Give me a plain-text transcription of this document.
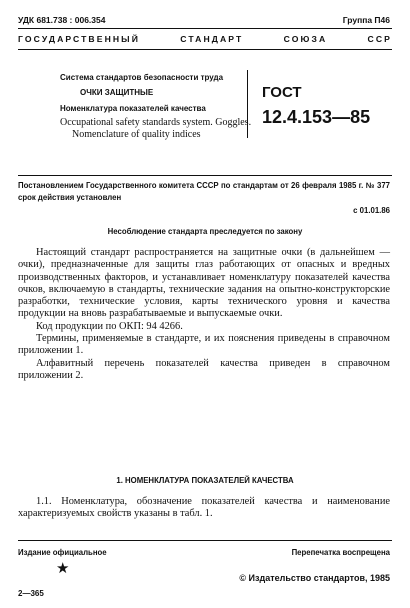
УДК 681.738 : 006.354	Группа П46
ГОСУДАРСТВЕННЫЙ СТАНДАРТ СОЮЗА ССР
Система стандартов безопасности труда
ОЧКИ ЗАЩИТНЫЕ
Номенклатура показателей качества
Occupational safety standards system. Goggles.
Nomenclature of quality indices
ГОСТ
12.4.153—85
Постановлением Государственного комитета СССР по стандартам от 26 февраля 1985 г. № 377 срок действия установлен
с 01.01.86
Несоблюдение стандарта преследуется по закону

Настоящий стандарт распространяется на защитные очки (в дальнейшем — очки), предназначенные для защиты глаз работающих от опасных и вредных производственных факторов, и устанавливает номенклатуру показателей качества очков, включаемую в стандарты, технические задания на опытно-конструкторские разработки, технические условия, карты технического уровня и качества продукции на вновь разрабатываемые и выпускаемые очки.

Код продукции по ОКП: 94 4266.

Термины, применяемые в стандарте, и их пояснения приведены в справочном приложении 1.

Алфавитный перечень показателей качества приведен в справочном приложении 2.

1. НОМЕНКЛАТУРА ПОКАЗАТЕЛЕЙ КАЧЕСТВА

1.1. Номенклатура, обозначение показателей качества и наименование характеризуемых свойств указаны в табл. 1.

Издание официальное	Перепечатка воспрещена
★
© Издательство стандартов, 1985
2—365
